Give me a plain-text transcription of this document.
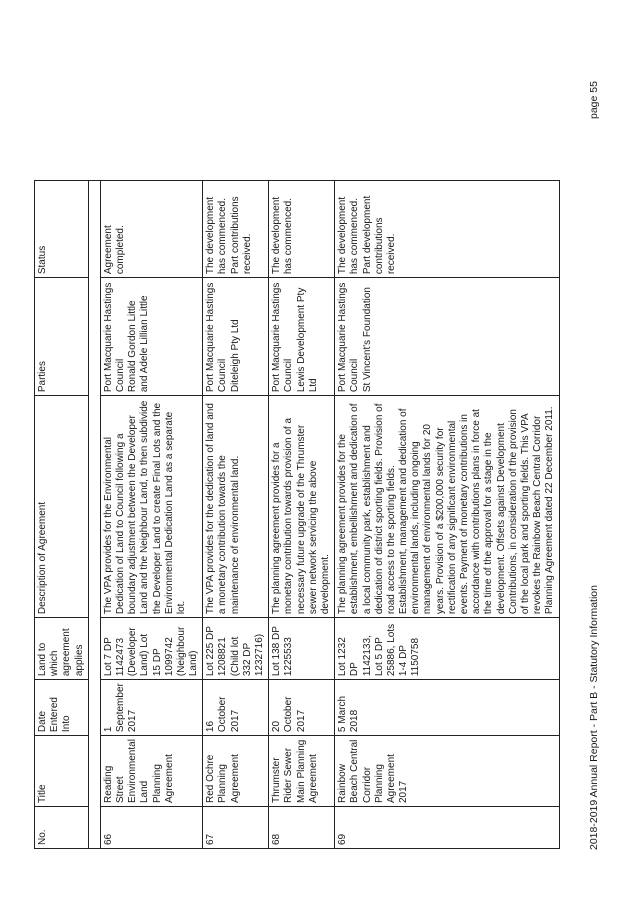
No.	Title	Date Entered Into	Land to which agreement applies	Description of Agreement	Parties	Status

66	Reading Street Environmental Land Planning Agreement	1 September 2017	Lot 7 DP 1142473 (Developer Land) Lot 15 DP 1099742 (Neighbour Land)	The VPA provides for the Environmental Dedication of Land to Council following a boundary adjustment between the Developer Land and the Neighbour Land, to then subdivide the Developer Land to create Final Lots and the Environmental Dedication Land as a separate lot.	Port Macquarie Hastings Council Ronald Gordon Little and Adele Lillian Little	Agreement completed.
67	Red Ochre Planning Agreement	16 October 2017	Lot 225 DP 1208821 (Child lot 332 DP 1232716)	The VPA provides for the dedication of land and a monetary contribution towards the maintenance of environmental land.	Port Macquarie Hastings Council Diteleigh Pty Ltd	The development has commenced. Part contributions received.
68	Thrumster Rider Sewer Main Planning Agreement	20 October 2017	Lot 138 DP 1225533	The planning agreement provides for a monetary contribution towards provision of a necessary future upgrade of the Thrumster sewer network servicing the above development.	Port Macquarie Hastings Council Lewis Development Pty Ltd	The development has commenced.
69	Rainbow Beach Central Corridor Planning Agreement 2017	5 March 2018	Lot 1232 DP 1142133, Lot 5 DP 25886, Lots 1-4 DP 1150758	The planning agreement provides for the establishment, embellishment and dedication of a local community park, establishment and dedication of district sporting fields. Provision of road access to the sporting fields. Establishment, management and dedication of environmental lands, including ongoing management of environmental lands for 20 years. Provision of a $200,000 security for rectification of any significant environmental events. Payment of monetary contributions in accordance with contributions plans in force at the time of the approval for a stage in the development. Offsets against Development Contributions, in consideration of the provision of the local park and sporting fields. This VPA revokes the Rainbow Beach Central Corridor Planning Agreement dated 22 December 2011.	Port Macquarie Hastings Council St Vincent's Foundation	The development has commenced. Part development contributions received.
2018-2019 Annual Report - Part B - Statutory Information
page 55
